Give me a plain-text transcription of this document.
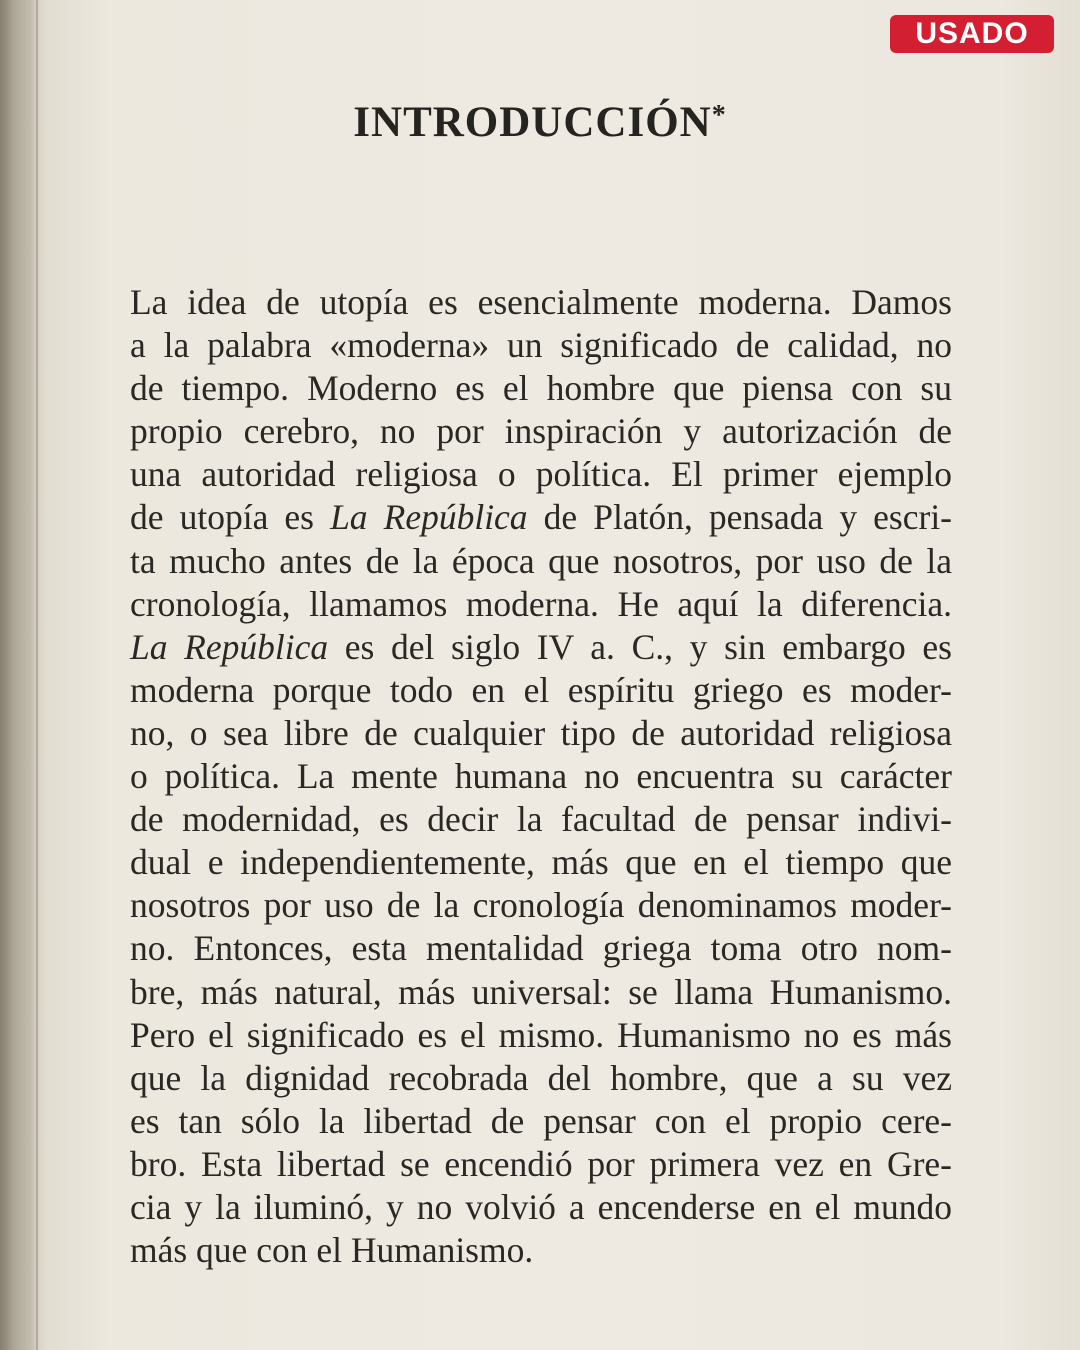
USADO
INTRODUCCIÓN*
La idea de utopía es esencialmente moderna. Damos
a la palabra «moderna» un significado de calidad, no
de tiempo. Moderno es el hombre que piensa con su
propio cerebro, no por inspiración y autorización de
una autoridad religiosa o política. El primer ejemplo
de utopía es La República de Platón, pensada y escri-
ta mucho antes de la época que nosotros, por uso de la
cronología, llamamos moderna. He aquí la diferencia.
La República es del siglo IV a. C., y sin embargo es
moderna porque todo en el espíritu griego es moder-
no, o sea libre de cualquier tipo de autoridad religiosa
o política. La mente humana no encuentra su carácter
de modernidad, es decir la facultad de pensar indivi-
dual e independientemente, más que en el tiempo que
nosotros por uso de la cronología denominamos moder-
no. Entonces, esta mentalidad griega toma otro nom-
bre, más natural, más universal: se llama Humanismo.
Pero el significado es el mismo. Humanismo no es más
que la dignidad recobrada del hombre, que a su vez
es tan sólo la libertad de pensar con el propio cere-
bro. Esta libertad se encendió por primera vez en Gre-
cia y la iluminó, y no volvió a encenderse en el mundo
más que con el Humanismo.
